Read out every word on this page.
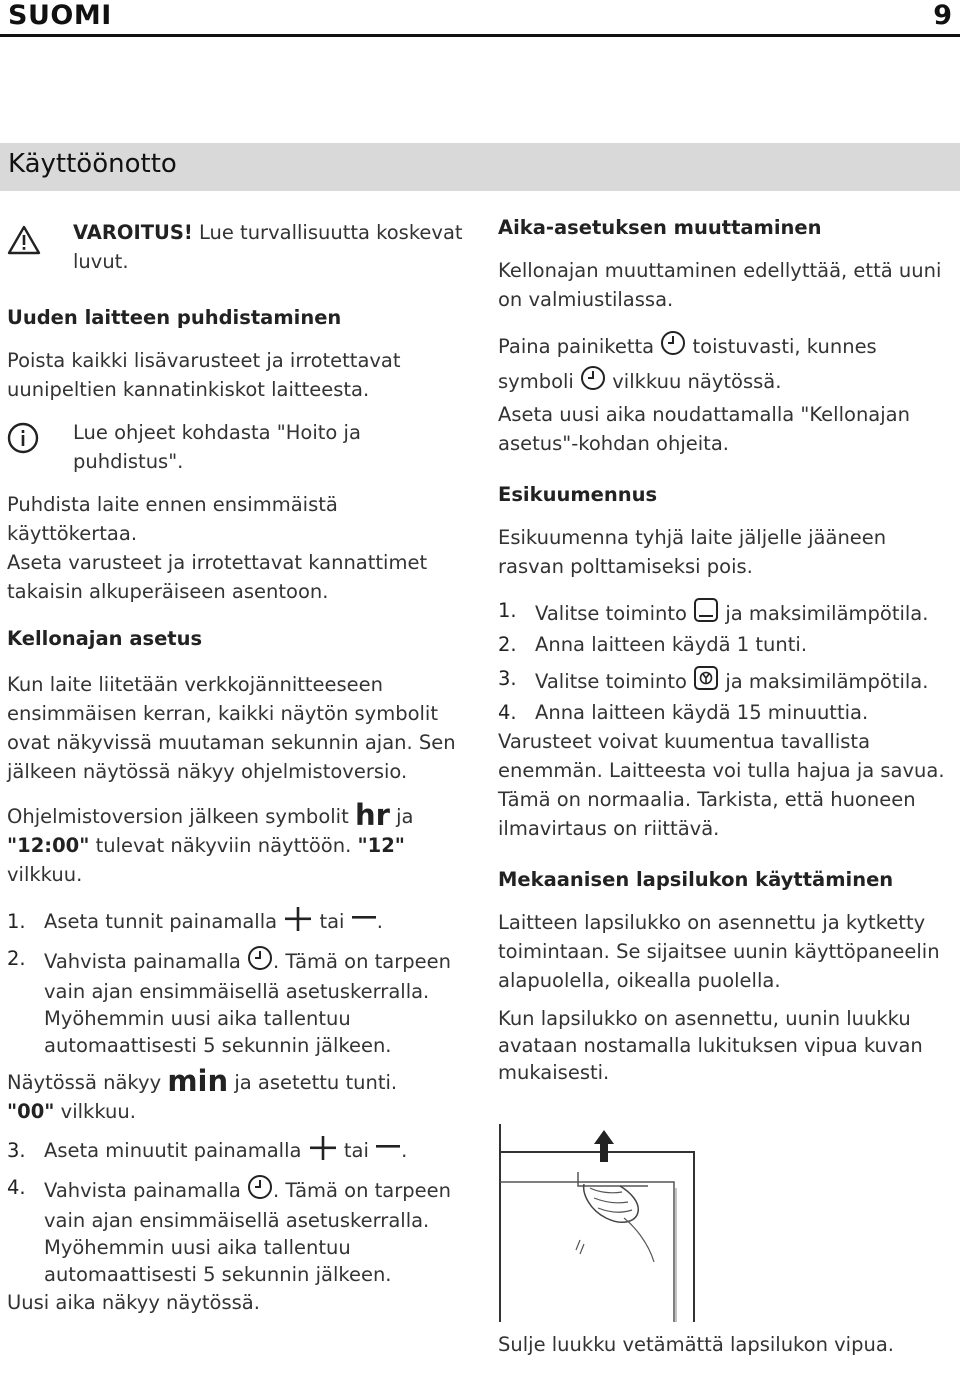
SUOMI	9
Käyttöönotto

VAROITUS! Lue turvallisuutta koskevat luvut.

Uuden laitteen puhdistaminen

Poista kaikki lisävarusteet ja irrotettavat uunipeltien kannatinkiskot laitteesta.

Lue ohjeet kohdasta "Hoito ja puhdistus".

Puhdista laite ennen ensimmäistä käyttökertaa.

Aseta varusteet ja irrotettavat kannattimet takaisin alkuperäiseen asentoon.

Kellonajan asetus

Kun laite liitetään verkkojännitteeseen ensimmäisen kerran, kaikki näytön symbolit ovat näkyvissä muutaman sekunnin ajan. Sen jälkeen näytössä näkyy ohjelmistoversio.

Ohjelmistoversion jälkeen symbolit hr ja
"12:00" tulevat näkyviin näyttöön. "12" vilkkuu.

1. Aseta tunnit painamalla  tai .
2. Vahvista painamalla . Tämä on tarpeen vain ajan ensimmäisellä asetuskerralla. Myöhemmin uusi aika tallentuu automaattisesti 5 sekunnin jälkeen.

Näytössä näkyy min ja asetettu tunti.
"00" vilkkuu.

3. Aseta minuutit painamalla  tai .
4. Vahvista painamalla . Tämä on tarpeen vain ajan ensimmäisellä asetuskerralla. Myöhemmin uusi aika tallentuu automaattisesti 5 sekunnin jälkeen.

Uusi aika näkyy näytössä.

Aika-asetuksen muuttaminen

Kellonajan muuttaminen edellyttää, että uuni on valmiustilassa.

Paina painiketta  toistuvasti, kunnes symboli  vilkkuu näytössä.

Aseta uusi aika noudattamalla "Kellonajan asetus"-kohdan ohjeita.

Esikuumennus

Esikuumenna tyhjä laite jäljelle jääneen rasvan polttamiseksi pois.

1. Valitse toiminto  ja maksimilämpötila.
2. Anna laitteen käydä 1 tunti.
3. Valitse toiminto  ja maksimilämpötila.
4. Anna laitteen käydä 15 minuuttia.

Varusteet voivat kuumentua tavallista enemmän. Laitteesta voi tulla hajua ja savua. Tämä on normaalia. Tarkista, että huoneen ilmavirtaus on riittävä.

Mekaanisen lapsilukon käyttäminen

Laitteen lapsilukko on asennettu ja kytketty toimintaan. Se sijaitsee uunin käyttöpaneelin alapuolella, oikealla puolella.

Kun lapsilukko on asennettu, uunin luukku avataan nostamalla lukituksen vipua kuvan mukaisesti.

Sulje luukku vetämättä lapsilukon vipua.
